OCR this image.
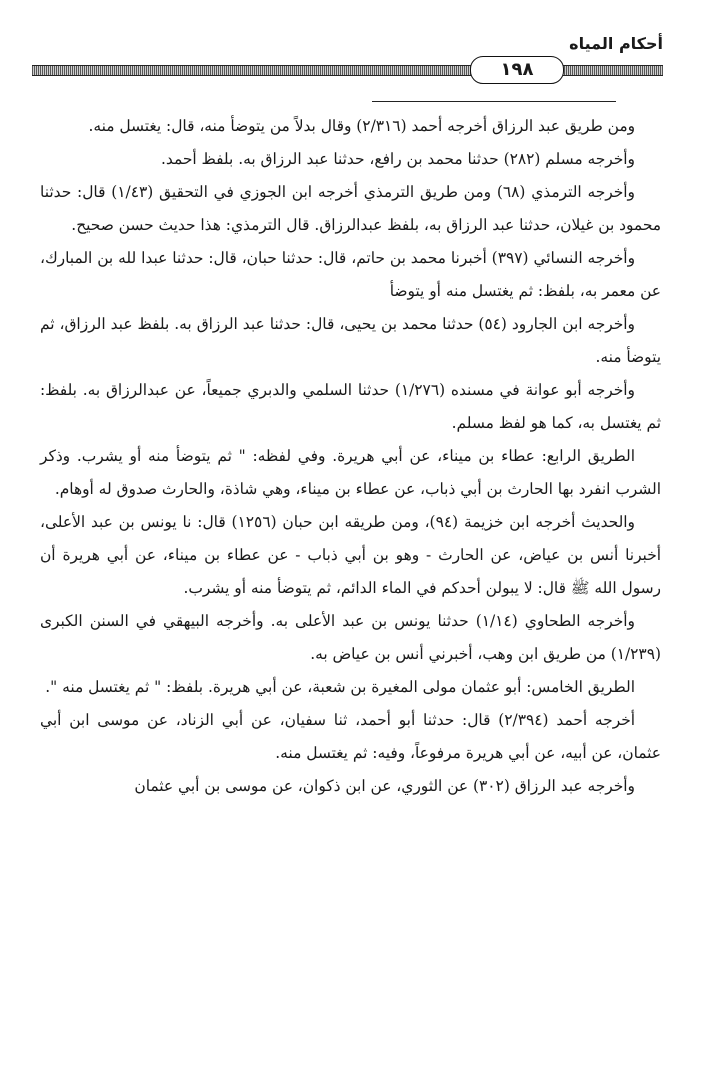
أحكام المياه
١٩٨

ومن طريق عبد الرزاق أخرجه أحمد (٢/٣١٦) وقال بدلاً من يتوضأ منه، قال: يغتسل منه.

وأخرجه مسلم (٢٨٢) حدثنا محمد بن رافع، حدثنا عبد الرزاق به. بلفظ أحمد.

وأخرجه الترمذي (٦٨) ومن طريق الترمذي أخرجه ابن الجوزي في التحقيق (١/٤٣) قال: حدثنا محمود بن غيلان، حدثنا عبد الرزاق به، بلفظ عبدالرزاق. قال الترمذي: هذا حديث حسن صحيح.

وأخرجه النسائي (٣٩٧) أخبرنا محمد بن حاتم، قال: حدثنا حبان، قال: حدثنا عبدا لله بن المبارك، عن معمر به، بلفظ: ثم يغتسل منه أو يتوضأ

وأخرجه ابن الجارود (٥٤) حدثنا محمد بن يحيى، قال: حدثنا عبد الرزاق به. بلفظ عبد الرزاق، ثم يتوضأ منه.

وأخرجه أبو عوانة في مسنده (١/٢٧٦) حدثنا السلمي والدبري جميعاً، عن عبدالرزاق به. بلفظ: ثم يغتسل به، كما هو لفظ مسلم.

الطريق الرابع: عطاء بن ميناء، عن أبي هريرة. وفي لفظه: " ثم يتوضأ منه أو يشرب. وذكر الشرب انفرد بها الحارث بن أبي ذباب، عن عطاء بن ميناء، وهي شاذة، والحارث صدوق له أوهام.

والحديث أخرجه ابن خزيمة (٩٤)، ومن طريقه ابن حبان (١٢٥٦) قال: نا يونس بن عبد الأعلى، أخبرنا أنس بن عياض، عن الحارث - وهو بن أبي ذباب - عن عطاء بن ميناء، عن أبي هريرة أن رسول الله ﷺ قال: لا يبولن أحدكم في الماء الدائم، ثم يتوضأ منه أو يشرب.

وأخرجه الطحاوي (١/١٤) حدثنا يونس بن عبد الأعلى به. وأخرجه البيهقي في السنن الكبرى (١/٢٣٩) من طريق ابن وهب، أخبرني أنس بن عياض به.

الطريق الخامس: أبو عثمان مولى المغيرة بن شعبة، عن أبي هريرة. بلفظ: " ثم يغتسل منه ".

أخرجه أحمد (٢/٣٩٤) قال: حدثنا أبو أحمد، ثنا سفيان، عن أبي الزناد، عن موسى ابن أبي عثمان، عن أبيه، عن أبي هريرة مرفوعاً، وفيه: ثم يغتسل منه.

وأخرجه عبد الرزاق (٣٠٢) عن الثوري، عن ابن ذكوان، عن موسى بن أبي عثمان
